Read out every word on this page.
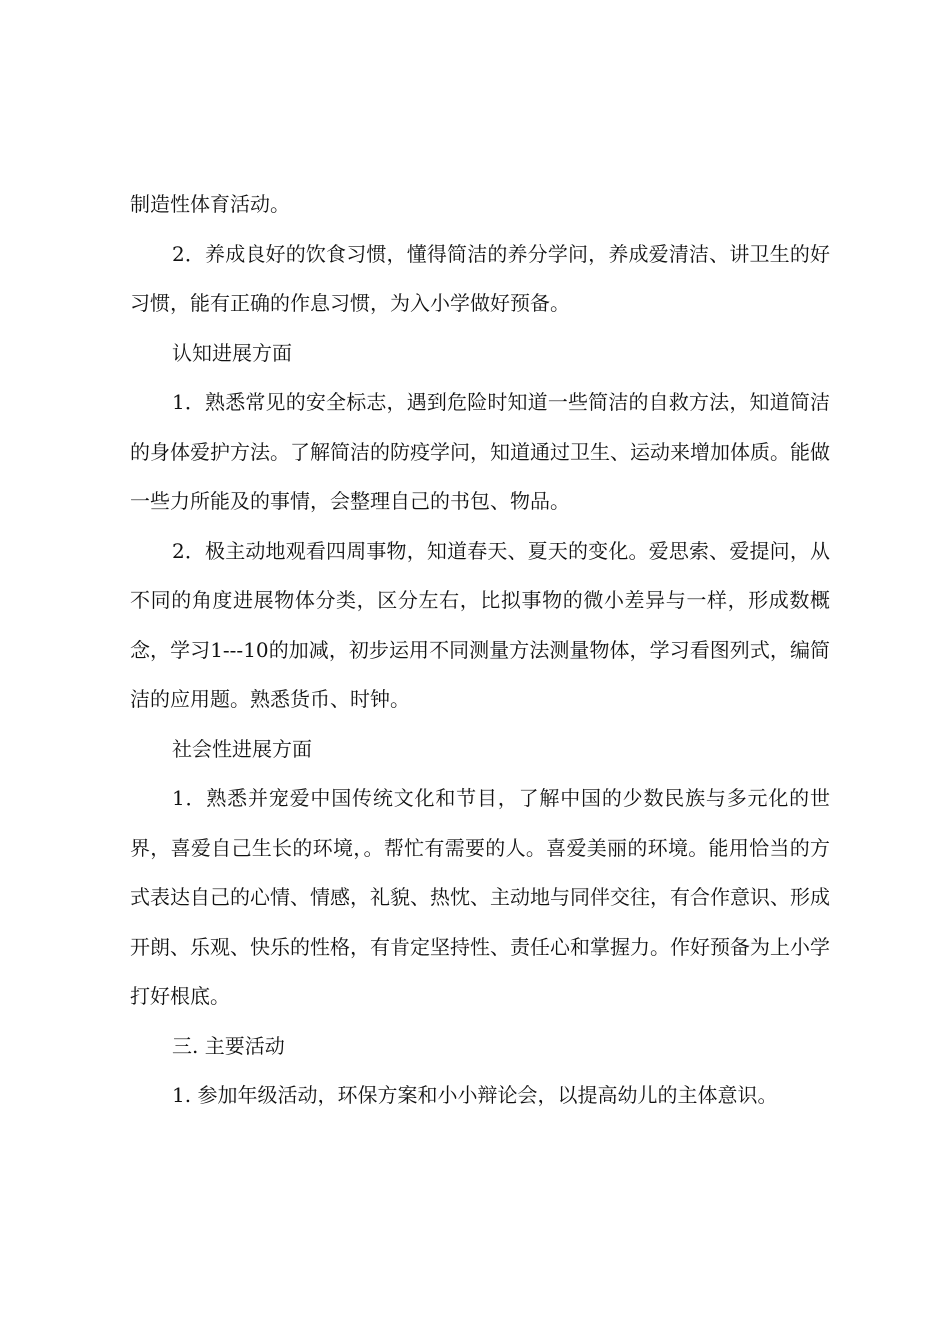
制造性体育活动。

2．养成良好的饮食习惯，懂得简洁的养分学问，养成爱清洁、讲卫生的好习惯，能有正确的作息习惯，为入小学做好预备。

认知进展方面

1．熟悉常见的安全标志，遇到危险时知道一些简洁的自救方法，知道简洁的身体爱护方法。了解简洁的防疫学问，知道通过卫生、运动来增加体质。能做一些力所能及的事情，会整理自己的书包、物品。

2．极主动地观看四周事物，知道春天、夏天的变化。爱思索、爱提问，从不同的角度进展物体分类，区分左右，比拟事物的微小差异与一样，形成数概念，学习1---10的加减，初步运用不同测量方法测量物体，学习看图列式，编简洁的应用题。熟悉货币、时钟。

社会性进展方面

1．熟悉并宠爱中国传统文化和节目，了解中国的少数民族与多元化的世界，喜爱自己生长的环境，。帮忙有需要的人。喜爱美丽的环境。能用恰当的方式表达自己的心情、情感，礼貌、热忱、主动地与同伴交往，有合作意识、形成开朗、乐观、快乐的性格，有肯定坚持性、责任心和掌握力。作好预备为上小学打好根底。

三. 主要活动

1. 参加年级活动，环保方案和小小辩论会，以提高幼儿的主体意识。
